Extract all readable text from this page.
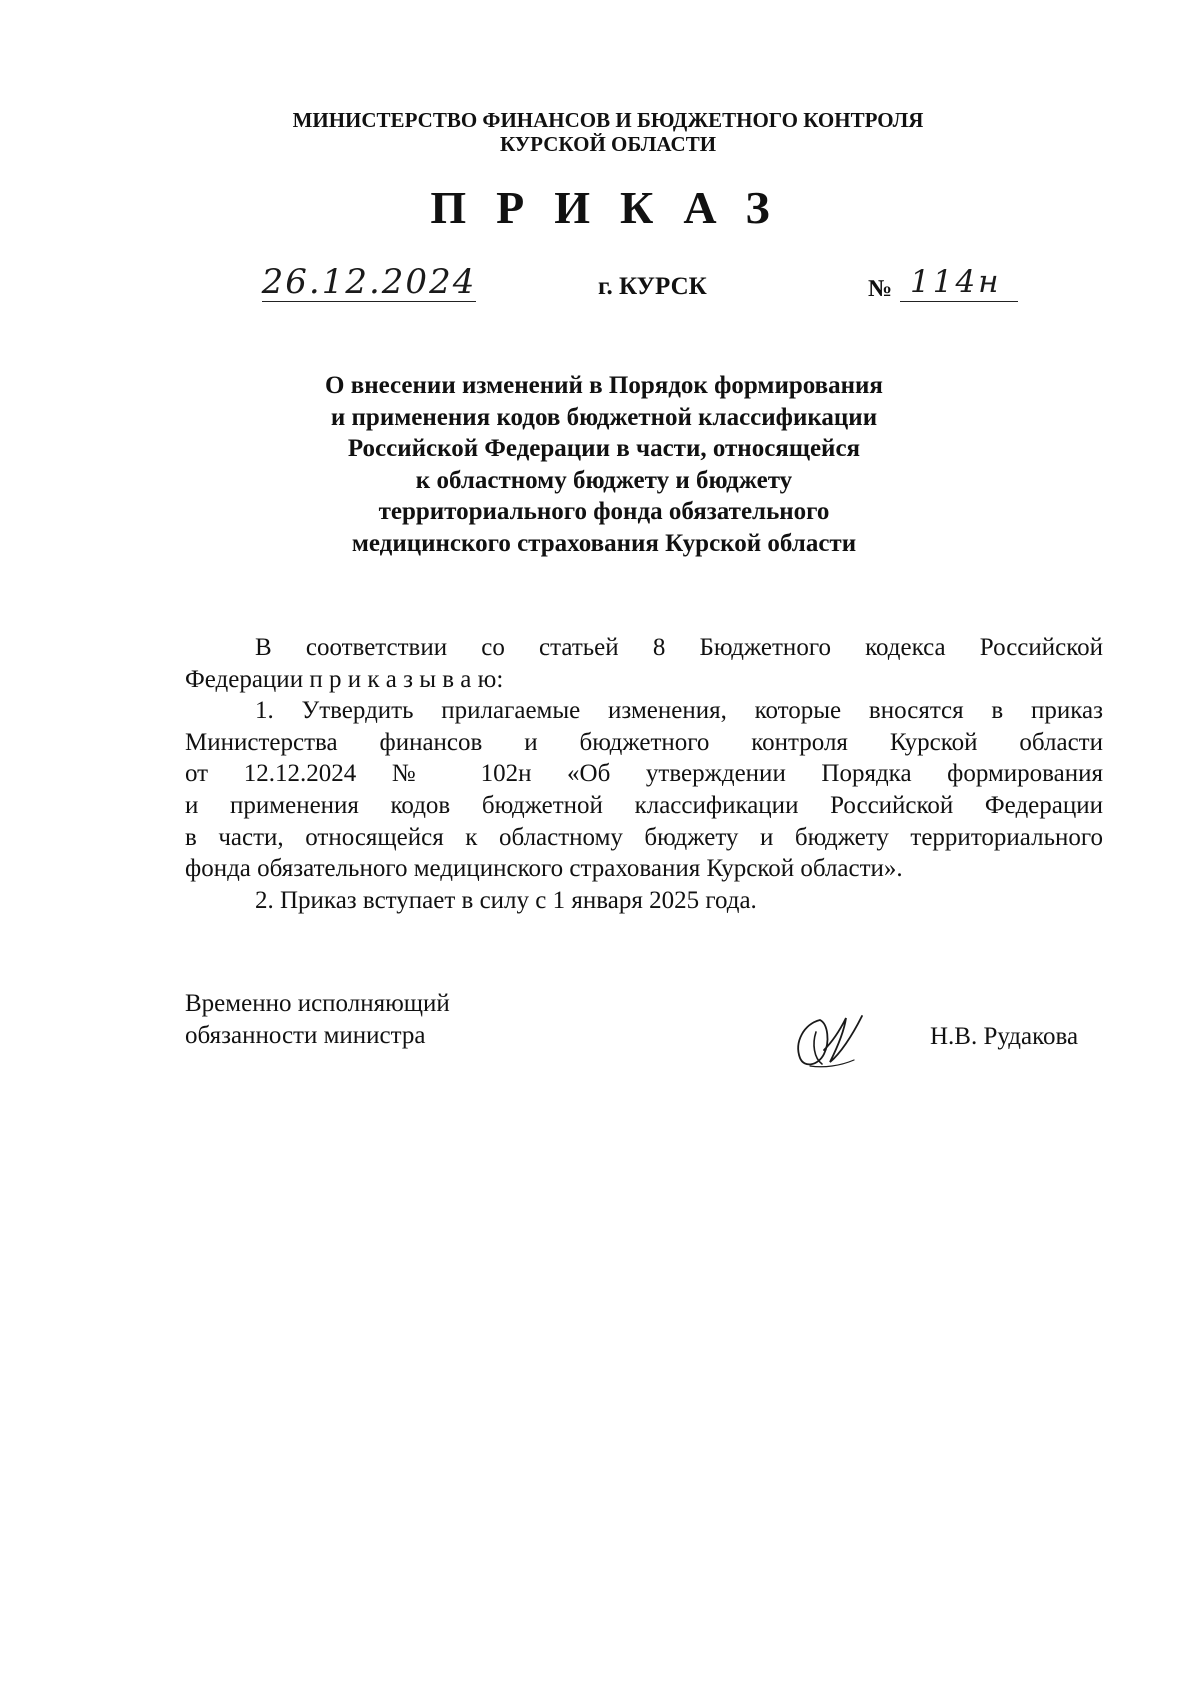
МИНИСТЕРСТВО ФИНАНСОВ И БЮДЖЕТНОГО КОНТРОЛЯ
КУРСКОЙ ОБЛАСТИ
ПРИКАЗ
26.12.2024	г. КУРСК	№ 114н
О внесении изменений в Порядок формирования
и применения кодов бюджетной классификации
Российской Федерации в части, относящейся
к областному бюджету и бюджету
территориального фонда обязательного
медицинского страхования Курской области
В соответствии со статьей 8 Бюджетного кодекса Российской
Федерации п р и к а з ы в а ю:
1. Утвердить прилагаемые изменения, которые вносятся в приказ
Министерства финансов и бюджетного контроля Курской области
от 12.12.2024 № 102н «Об утверждении Порядка формирования
и применения кодов бюджетной классификации Российской Федерации
в части, относящейся к областному бюджету и бюджету территориального
фонда обязательного медицинского страхования Курской области».
2. Приказ вступает в силу с 1 января 2025 года.
Временно исполняющий
обязанности министра	Н.В. Рудакова
